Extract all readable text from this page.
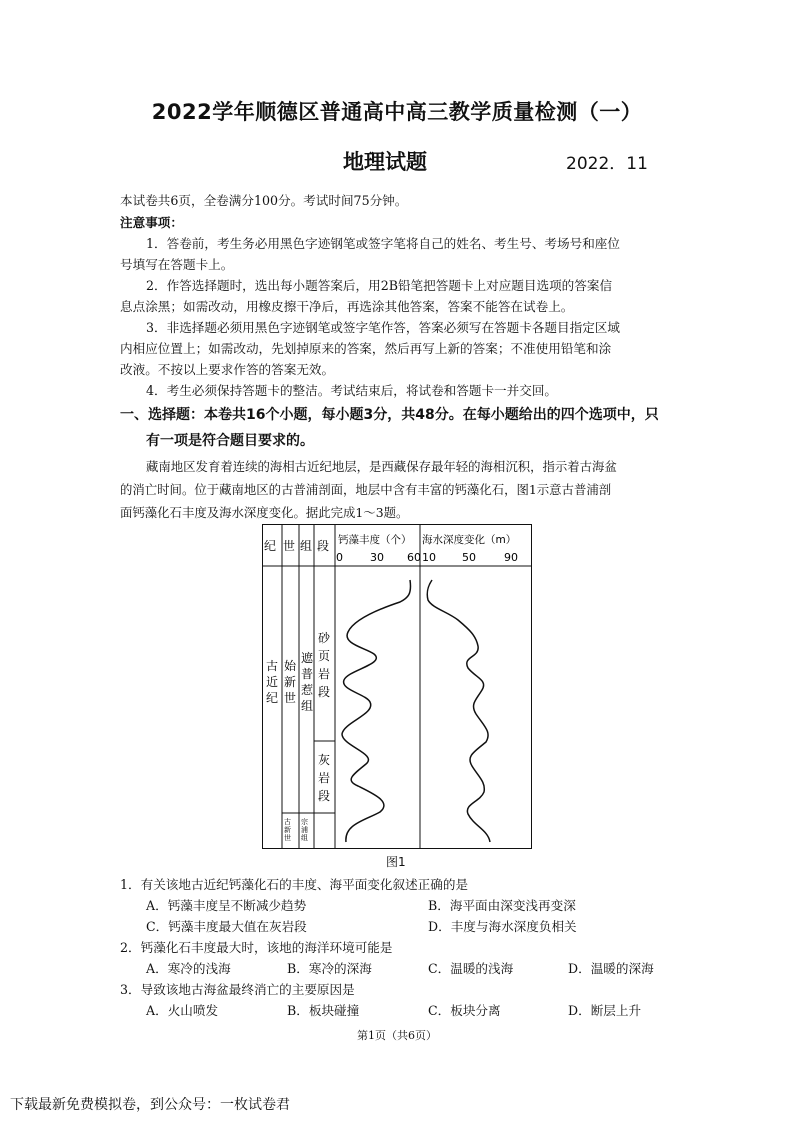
2022学年顺德区普通高中高三教学质量检测（一）
地理试题	2022．11
本试卷共6页，全卷满分100分。考试时间75分钟。
注意事项：
1．答卷前，考生务必用黑色字迹钢笔或签字笔将自己的姓名、考生号、考场号和座位
号填写在答题卡上。
2．作答选择题时，选出每小题答案后，用2B铅笔把答题卡上对应题目选项的答案信
息点涂黑；如需改动，用橡皮擦干净后，再选涂其他答案，答案不能答在试卷上。
3．非选择题必须用黑色字迹钢笔或签字笔作答，答案必须写在答题卡各题目指定区域
内相应位置上；如需改动，先划掉原来的答案，然后再写上新的答案；不准使用铅笔和涂
改液。不按以上要求作答的答案无效。
4．考生必须保持答题卡的整洁。考试结束后，将试卷和答题卡一并交回。
一、选择题：本卷共16个小题，每小题3分，共48分。在每小题给出的四个选项中，只
有一项是符合题目要求的。
藏南地区发育着连续的海相古近纪地层，是西藏保存最年轻的海相沉积，指示着古海盆
的消亡时间。位于藏南地区的古普浦剖面，地层中含有丰富的钙藻化石，图1示意古普浦剖
面钙藻化石丰度及海水深度变化。据此完成1～3题。
纪 世 组 段 钙藻丰度（个） 海水深度变化（m）
0 30 60 10 50	90
古近纪
始新世
遮普惹组
砂页岩段
灰岩段
古新世
宗浦组
图1
1．有关该地古近纪钙藻化石的丰度、海平面变化叙述正确的是
A．钙藻丰度呈不断减少趋势	B．海平面由深变浅再变深
C．钙藻丰度最大值在灰岩段	D．丰度与海水深度负相关
2．钙藻化石丰度最大时，该地的海洋环境可能是
A．寒冷的浅海	B．寒冷的深海	C．温暖的浅海	D．温暖的深海
3．导致该地古海盆最终消亡的主要原因是
A．火山喷发	B．板块碰撞	C．板块分离	D．断层上升
第1页（共6页）
下载最新免费模拟卷，到公众号：一枚试卷君
